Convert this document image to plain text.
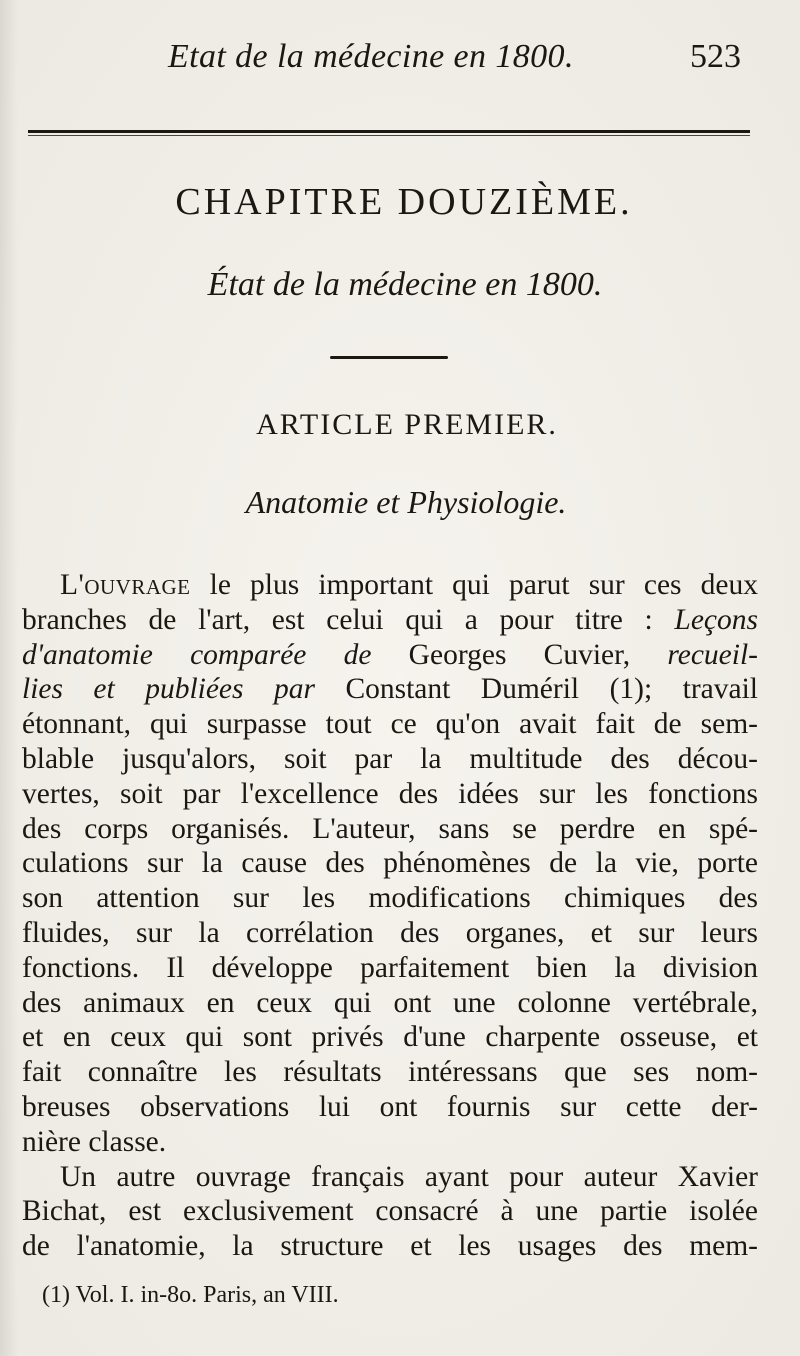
Etat de la médecine en 1800.	523
CHAPITRE DOUZIÈME.
État de la médecine en 1800.
ARTICLE PREMIER.
Anatomie et Physiologie.
L'ouvrage le plus important qui parut sur ces deux
branches de l'art, est celui qui a pour titre : Leçons
d'anatomie comparée de Georges Cuvier, recueil-
lies et publiées par Constant Duméril (1); travail
étonnant, qui surpasse tout ce qu'on avait fait de sem-
blable jusqu'alors, soit par la multitude des décou-
vertes, soit par l'excellence des idées sur les fonctions
des corps organisés. L'auteur, sans se perdre en spé-
culations sur la cause des phénomènes de la vie, porte
son attention sur les modifications chimiques des
fluides, sur la corrélation des organes, et sur leurs
fonctions. Il développe parfaitement bien la division
des animaux en ceux qui ont une colonne vertébrale,
et en ceux qui sont privés d'une charpente osseuse, et
fait connaître les résultats intéressans que ses nom-
breuses observations lui ont fournis sur cette der-
nière classe.
Un autre ouvrage français ayant pour auteur Xavier
Bichat, est exclusivement consacré à une partie isolée
de l'anatomie, la structure et les usages des mem-
(1) Vol. I. in-8o. Paris, an VIII.
